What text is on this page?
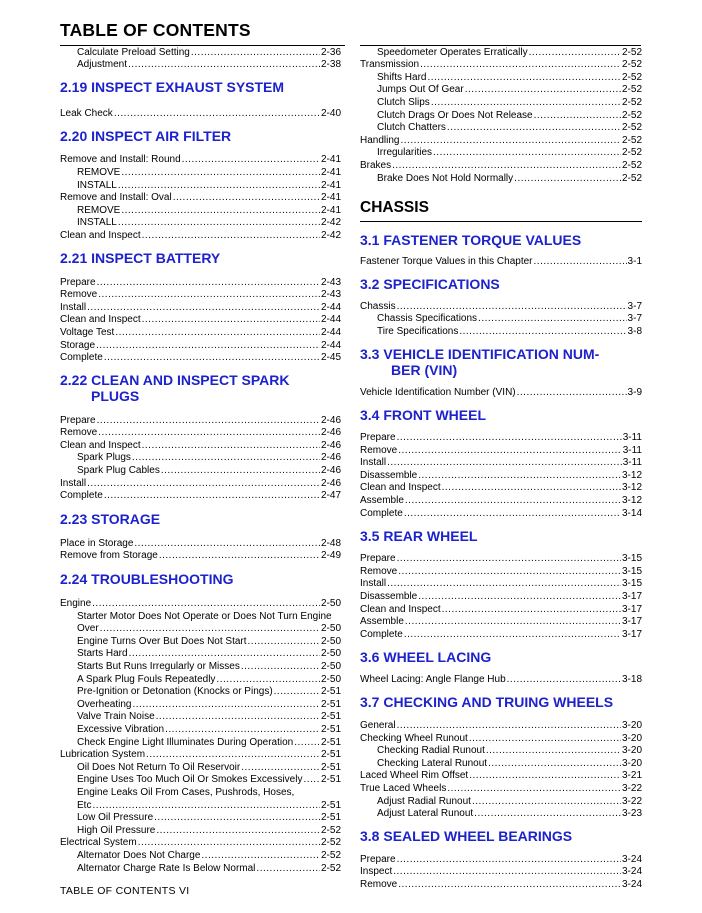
TABLE OF CONTENTS
Calculate Preload Setting .....	2-36
Adjustment .....	2-38
2.19 INSPECT EXHAUST SYSTEM
Leak Check .....	2-40
2.20 INSPECT AIR FILTER
Remove and Install: Round .....	2-41
REMOVE .....	2-41
INSTALL .....	2-41
Remove and Install: Oval .....	2-41
REMOVE .....	2-41
INSTALL .....	2-42
Clean and Inspect .....	2-42
2.21 INSPECT BATTERY
Prepare .....	2-43
Remove .....	2-43
Install .....	2-44
Clean and Inspect .....	2-44
Voltage Test .....	2-44
Storage .....	2-44
Complete .....	2-45
2.22 CLEAN AND INSPECT SPARK
PLUGS
Prepare .....	2-46
Remove .....	2-46
Clean and Inspect .....	2-46
Spark Plugs .....	2-46
Spark Plug Cables .....	2-46
Install .....	2-46
Complete .....	2-47
2.23 STORAGE
Place in Storage .....	2-48
Remove from Storage .....	2-49
2.24 TROUBLESHOOTING
Engine .....	2-50
Starter Motor Does Not Operate or Does Not Turn Engine
Over .....	2-50
Engine Turns Over But Does Not Start .....	2-50
Starts Hard .....	2-50
Starts But Runs Irregularly or Misses .....	2-50
A Spark Plug Fouls Repeatedly .....	2-50
Pre-Ignition or Detonation (Knocks or Pings) .....	2-51
Overheating .....	2-51
Valve Train Noise .....	2-51
Excessive Vibration .....	2-51
Check Engine Light Illuminates During Operation .....	2-51
Lubrication System .....	2-51
Oil Does Not Return To Oil Reservoir .....	2-51
Engine Uses Too Much Oil Or Smokes Excessively ..... 2-51
Engine Leaks Oil From Cases, Pushrods, Hoses,
Etc .....	2-51
Low Oil Pressure .....	2-51
High Oil Pressure .....	2-52
Electrical System .....	2-52
Alternator Does Not Charge .....	2-52
Alternator Charge Rate Is Below Normal .....	2-52
Speedometer Operates Erratically .....	2-52
Transmission .....	2-52
Shifts Hard .....	2-52
Jumps Out Of Gear .....	2-52
Clutch Slips .....	2-52
Clutch Drags Or Does Not Release .....	2-52
Clutch Chatters .....	2-52
Handling .....	2-52
Irregularities .....	2-52
Brakes .....	2-52
Brake Does Not Hold Normally .....	2-52
CHASSIS
3.1 FASTENER TORQUE VALUES
Fastener Torque Values in this Chapter .....	3-1
3.2 SPECIFICATIONS
Chassis .....	3-7
Chassis Specifications .....	3-7
Tire Specifications .....	3-8
3.3 VEHICLE IDENTIFICATION NUM-
BER (VIN)
Vehicle Identification Number (VIN) .....	3-9
3.4 FRONT WHEEL
Prepare .....	3-11
Remove .....	3-11
Install .....	3-11
Disassemble .....	3-12
Clean and Inspect .....	3-12
Assemble .....	3-12
Complete .....	3-14
3.5 REAR WHEEL
Prepare .....	3-15
Remove .....	3-15
Install .....	3-15
Disassemble .....	3-17
Clean and Inspect .....	3-17
Assemble .....	3-17
Complete .....	3-17
3.6 WHEEL LACING
Wheel Lacing: Angle Flange Hub .....	3-18
3.7 CHECKING AND TRUING WHEELS
General .....	3-20
Checking Wheel Runout .....	3-20
Checking Radial Runout .....	3-20
Checking Lateral Runout .....	3-20
Laced Wheel Rim Offset .....	3-21
True Laced Wheels .....	3-22
Adjust Radial Runout .....	3-22
Adjust Lateral Runout .....	3-23
3.8 SEALED WHEEL BEARINGS
Prepare .....	3-24
Inspect .....	3-24
Remove .....	3-24
TABLE OF CONTENTS VI
